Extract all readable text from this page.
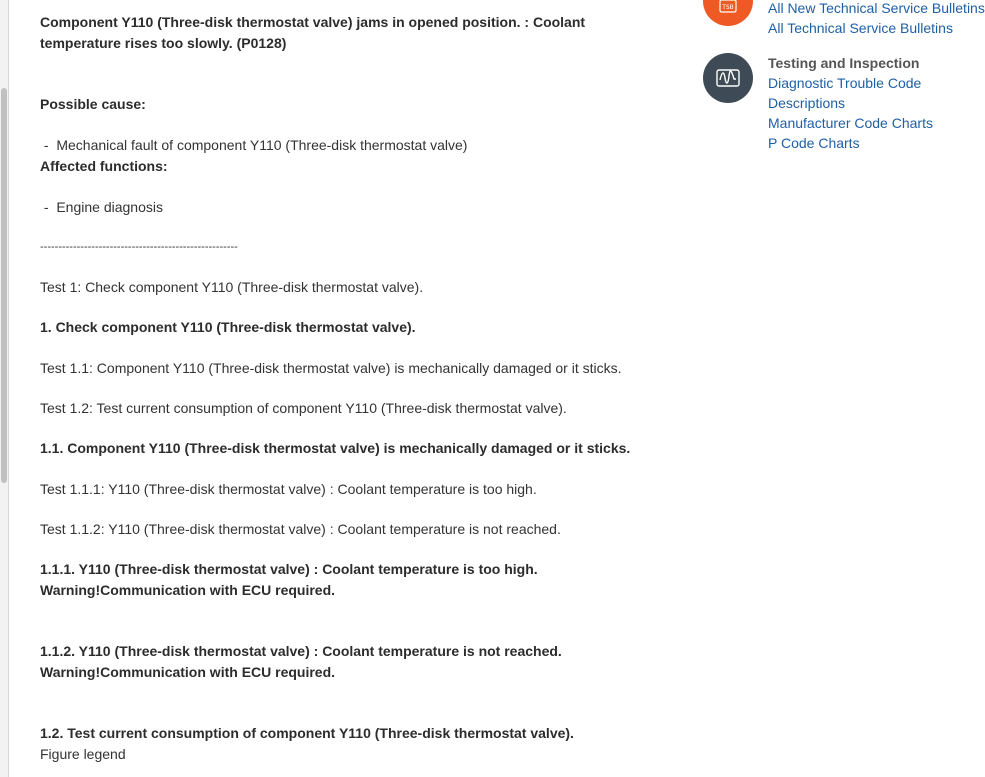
Component Y110 (Three-disk thermostat valve) jams in opened position. : Coolant temperature rises too slowly. (P0128)

Possible cause:

-  Mechanical fault of component Y110 (Three-disk thermostat valve)

Affected functions:

-  Engine diagnosis

------------------------------------------------------

Test 1: Check component Y110 (Three-disk thermostat valve).

1. Check component Y110 (Three-disk thermostat valve).

Test 1.1: Component Y110 (Three-disk thermostat valve) is mechanically damaged or it sticks.

Test 1.2: Test current consumption of component Y110 (Three-disk thermostat valve).

1.1. Component Y110 (Three-disk thermostat valve) is mechanically damaged or it sticks.

Test 1.1.1: Y110 (Three-disk thermostat valve) : Coolant temperature is too high.

Test 1.1.2: Y110 (Three-disk thermostat valve) : Coolant temperature is not reached.

1.1.1. Y110 (Three-disk thermostat valve) : Coolant temperature is too high.

Warning!Communication with ECU required.

1.1.2. Y110 (Three-disk thermostat valve) : Coolant temperature is not reached.

Warning!Communication with ECU required.

1.2. Test current consumption of component Y110 (Three-disk thermostat valve).

Figure legend

TSB All New Technical Service Bulletins
All Technical Service Bulletins
Testing and Inspection
Diagnostic Trouble Code
Descriptions
Manufacturer Code Charts
P Code Charts
